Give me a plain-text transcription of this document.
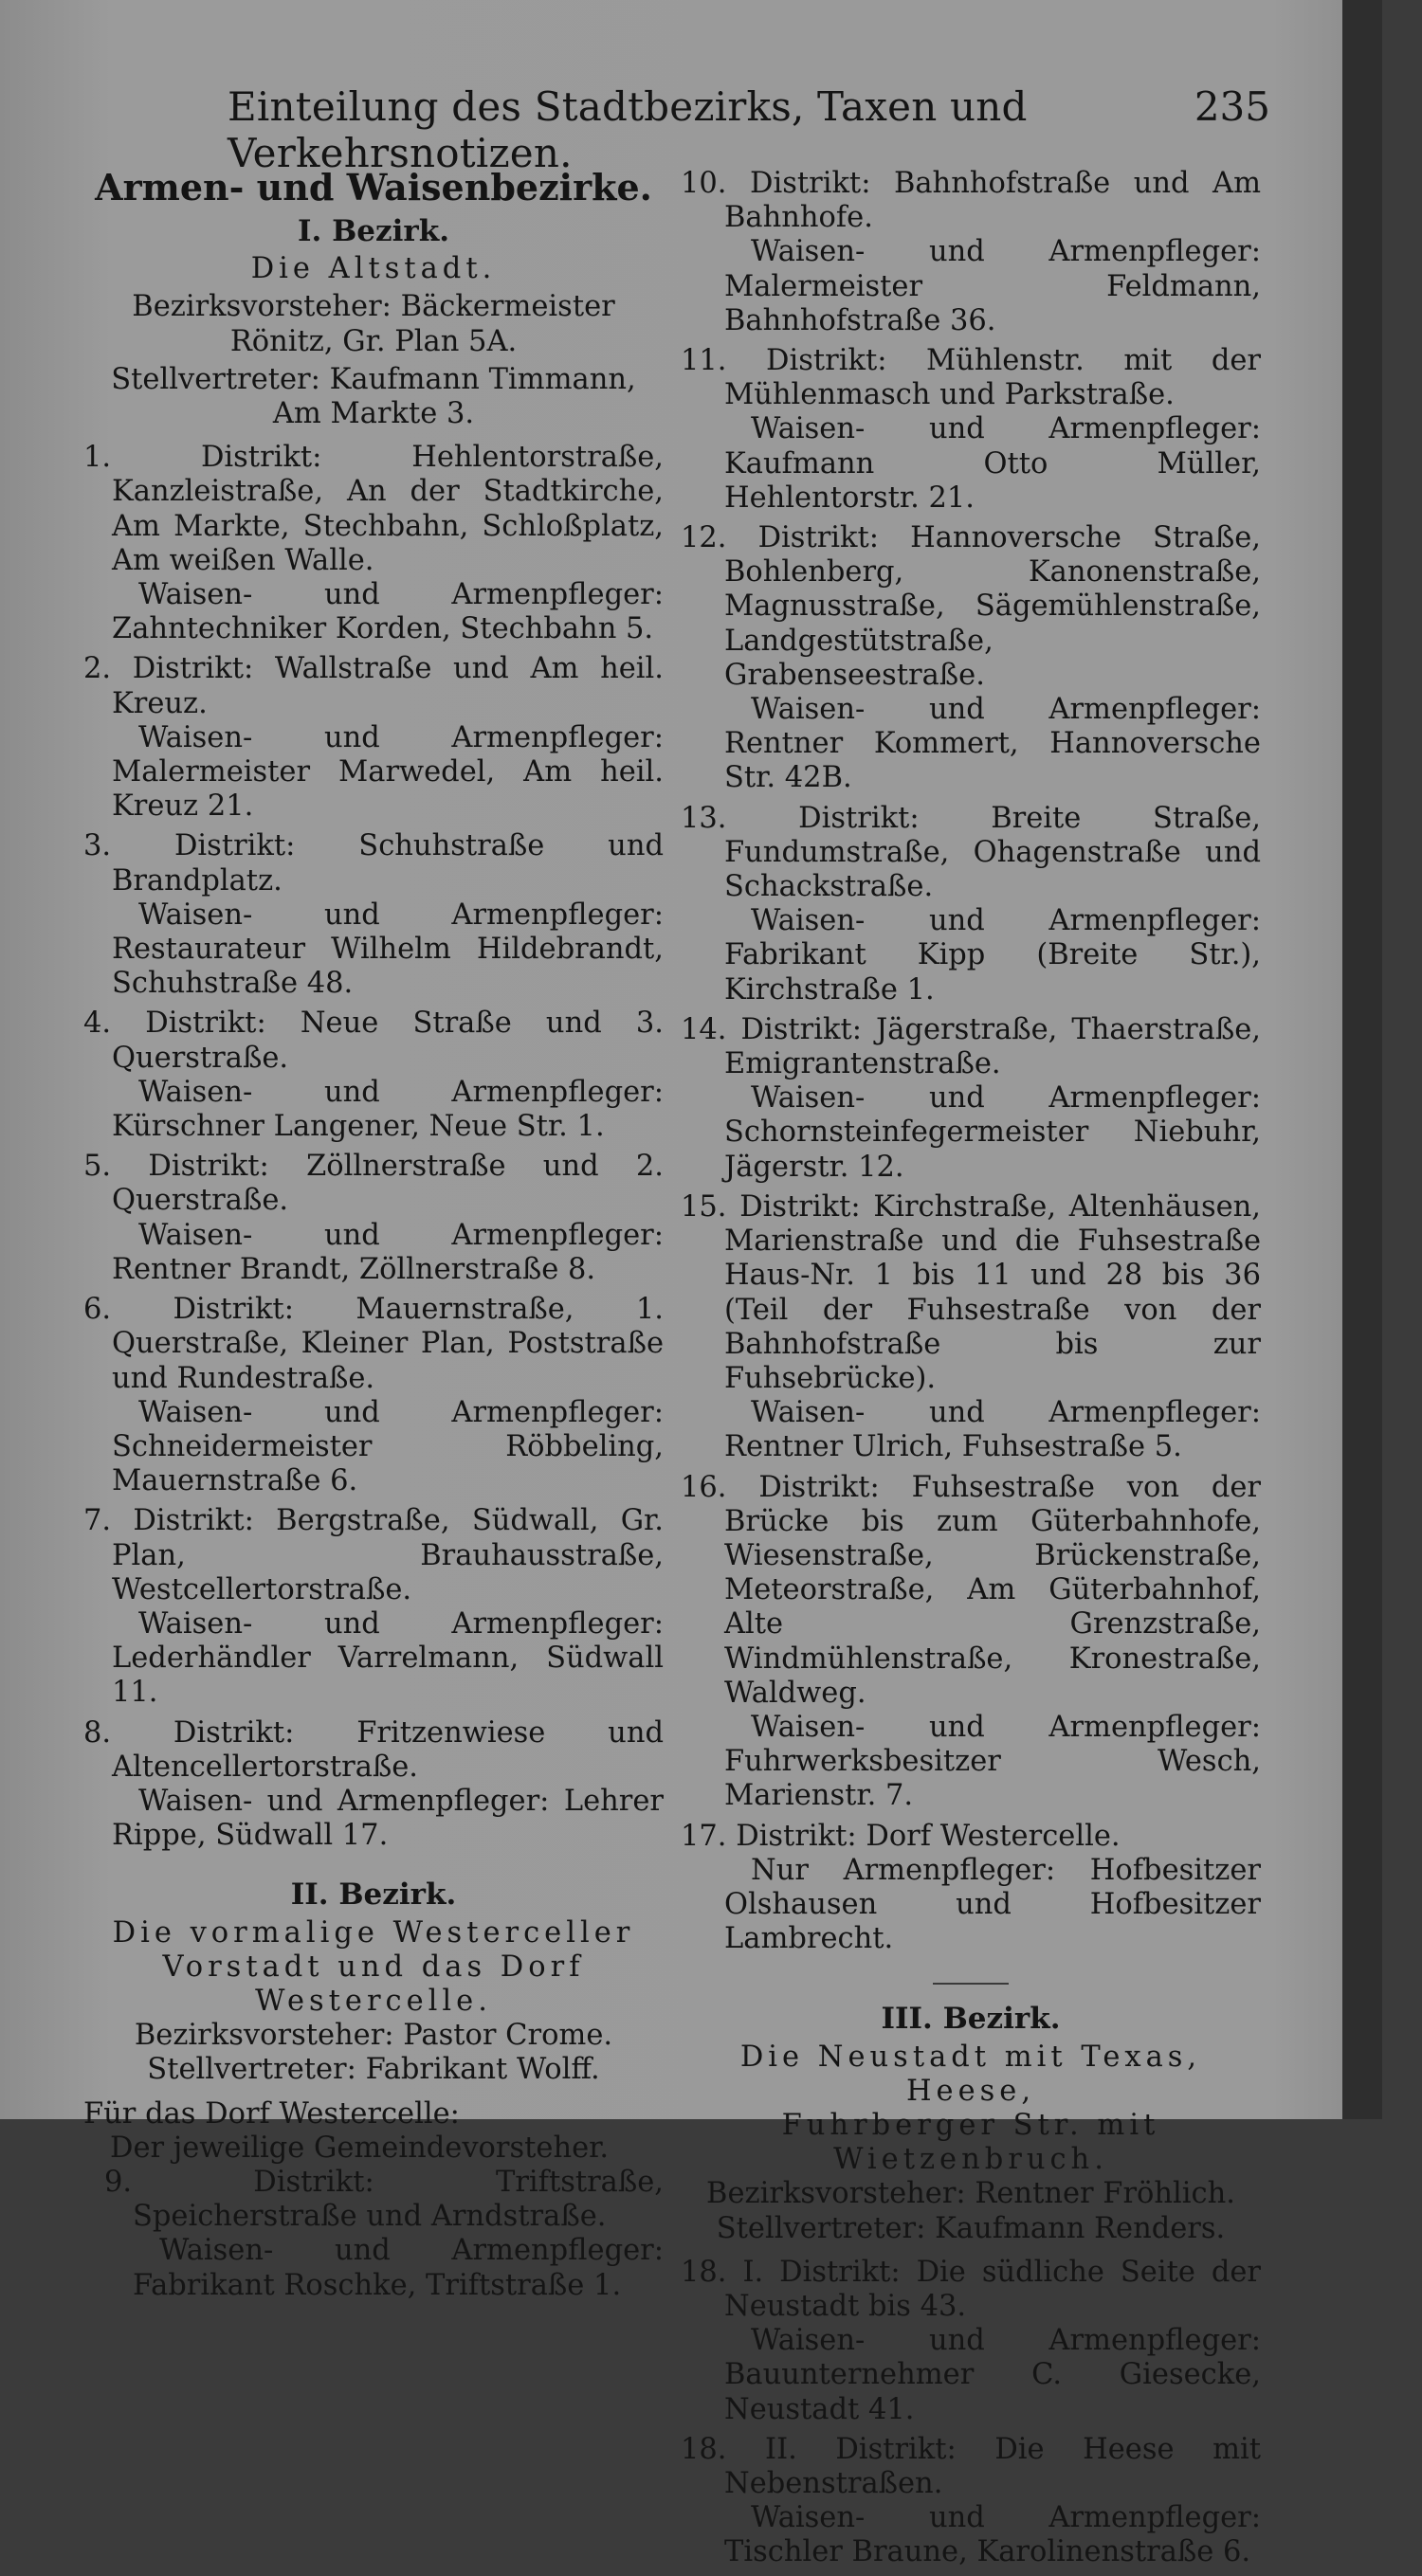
Einteilung des Stadtbezirks, Taxen und Verkehrsnotizen.
235
Armen- und Waisenbezirke.
I. Bezirk.
Die Altstadt.
Bezirksvorsteher: Bäckermeister Rönitz, Gr. Plan 5A.
Stellvertreter: Kaufmann Timmann, Am Markte 3.
1. Distrikt: Hehlentorstraße, Kanzleistraße, An der Stadtkirche, Am Markte, Stechbahn, Schloßplatz, Am weißen Walle.
Waisen- und Armenpfleger: Zahntechniker Korden, Stechbahn 5.
2. Distrikt: Wallstraße und Am heil. Kreuz.
Waisen- und Armenpfleger: Malermeister Marwedel, Am heil. Kreuz 21.
3. Distrikt: Schuhstraße und Brandplatz.
Waisen- und Armenpfleger: Restaurateur Wilhelm Hildebrandt, Schuhstraße 48.
4. Distrikt: Neue Straße und 3. Querstraße.
Waisen- und Armenpfleger: Kürschner Langener, Neue Str. 1.
5. Distrikt: Zöllnerstraße und 2. Querstraße.
Waisen- und Armenpfleger: Rentner Brandt, Zöllnerstraße 8.
6. Distrikt: Mauernstraße, 1. Querstraße, Kleiner Plan, Poststraße und Rundestraße.
Waisen- und Armenpfleger: Schneidermeister Röbbeling, Mauernstraße 6.
7. Distrikt: Bergstraße, Südwall, Gr. Plan, Brauhausstraße, Westcellertorstraße.
Waisen- und Armenpfleger: Lederhändler Varrelmann, Südwall 11.
8. Distrikt: Fritzenwiese und Altencellertorstraße.
Waisen- und Armenpfleger: Lehrer Rippe, Südwall 17.
II. Bezirk.
Die vormalige Westerceller Vorstadt und das Dorf Westercelle.
Bezirksvorsteher: Pastor Crome.
Stellvertreter: Fabrikant Wolff.
Für das Dorf Westercelle:
Der jeweilige Gemeindevorsteher.
9. Distrikt: Triftstraße, Speicherstraße und Arndstraße.
Waisen- und Armenpfleger: Fabrikant Roschke, Triftstraße 1.
10. Distrikt: Bahnhofstraße und Am Bahnhofe.
Waisen- und Armenpfleger: Malermeister Feldmann, Bahnhofstraße 36.
11. Distrikt: Mühlenstr. mit der Mühlenmasch und Parkstraße.
Waisen- und Armenpfleger: Kaufmann Otto Müller, Hehlentorstr. 21.
12. Distrikt: Hannoversche Straße, Bohlenberg, Kanonenstraße, Magnusstraße, Sägemühlenstraße, Landgestütstraße, Grabenseestraße.
Waisen- und Armenpfleger: Rentner Kommert, Hannoversche Str. 42B.
13. Distrikt: Breite Straße, Fundumstraße, Ohagenstraße und Schackstraße.
Waisen- und Armenpfleger: Fabrikant Kipp (Breite Str.), Kirchstraße 1.
14. Distrikt: Jägerstraße, Thaerstraße, Emigrantenstraße.
Waisen- und Armenpfleger: Schornsteinfegermeister Niebuhr, Jägerstr. 12.
15. Distrikt: Kirchstraße, Altenhäusen, Marienstraße und die Fuhsestraße Haus-Nr. 1 bis 11 und 28 bis 36 (Teil der Fuhsestraße von der Bahnhofstraße bis zur Fuhsebrücke).
Waisen- und Armenpfleger: Rentner Ulrich, Fuhsestraße 5.
16. Distrikt: Fuhsestraße von der Brücke bis zum Güterbahnhofe, Wiesenstraße, Brückenstraße, Meteorstraße, Am Güterbahnhof, Alte Grenzstraße, Windmühlenstraße, Kronestraße, Waldweg.
Waisen- und Armenpfleger: Fuhrwerksbesitzer Wesch, Marienstr. 7.
17. Distrikt: Dorf Westercelle.
Nur Armenpfleger: Hofbesitzer Olshausen und Hofbesitzer Lambrecht.
III. Bezirk.
Die Neustadt mit Texas, Heese,
Fuhrberger Str. mit Wietzenbruch.
Bezirksvorsteher: Rentner Fröhlich.
Stellvertreter: Kaufmann Renders.
18. I. Distrikt: Die südliche Seite der Neustadt bis 43.
Waisen- und Armenpfleger: Bauunternehmer C. Giesecke, Neustadt 41.
18. II. Distrikt: Die Heese mit Nebenstraßen.
Waisen- und Armenpfleger: Tischler Braune, Karolinenstraße 6.
